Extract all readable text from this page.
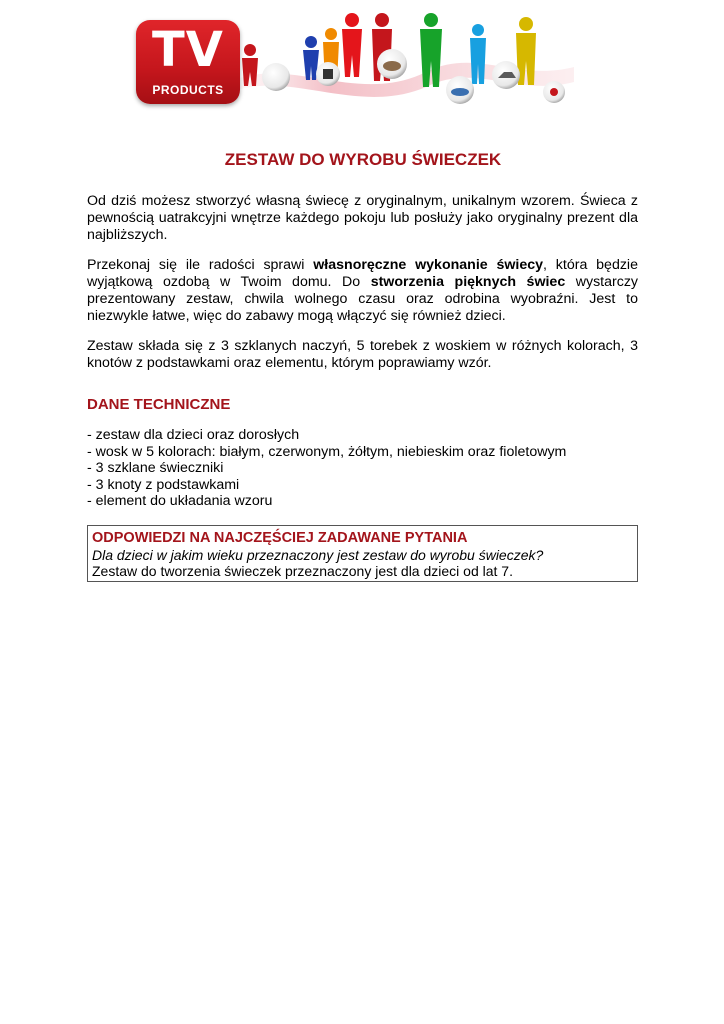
TV
PRODUCTS
ZESTAW DO WYROBU ŚWIECZEK

Od dziś możesz stworzyć własną świecę z oryginalnym, unikalnym wzorem. Świeca z pewnością uatrakcyjni wnętrze każdego pokoju lub posłuży jako oryginalny prezent dla najbliższych.

Przekonaj się ile radości sprawi własnoręczne wykonanie świecy, która będzie wyjątkową ozdobą w Twoim domu. Do stworzenia pięknych świec wystarczy prezentowany zestaw, chwila wolnego czasu oraz odrobina wyobraźni. Jest to niezwykle łatwe, więc do zabawy mogą włączyć się również dzieci.

Zestaw składa się z 3 szklanych naczyń, 5 torebek z woskiem w różnych kolorach, 3 knotów z podstawkami oraz elementu, którym poprawiamy wzór.

DANE TECHNICZNE
- zestaw dla dzieci oraz dorosłych
- wosk w 5 kolorach: białym, czerwonym, żółtym, niebieskim oraz fioletowym
- 3 szklane świeczniki
- 3 knoty z podstawkami
- element do układania wzoru
ODPOWIEDZI NA NAJCZĘŚCIEJ ZADAWANE PYTANIA
Dla dzieci w jakim wieku przeznaczony jest zestaw do wyrobu świeczek?
Zestaw do tworzenia świeczek przeznaczony jest dla dzieci od lat 7.
